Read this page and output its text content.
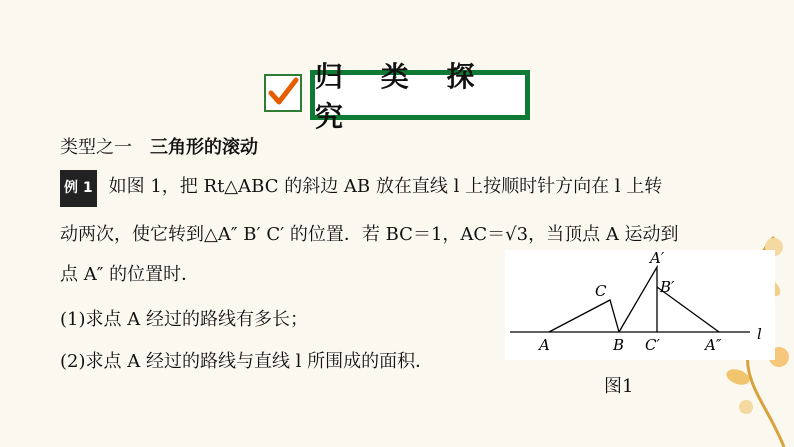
归 类 探 究
类型之一 三角形的滚动
例 1 如图 1，把 Rt△ABC 的斜边 AB 放在直线 l 上按顺时针方向在 l 上转
动两次，使它转到△A″ B′ C′ 的位置．若 BC＝1，AC＝√3，当顶点 A 运动到
点 A″ 的位置时．
(1)求点 A 经过的路线有多长；
(2)求点 A 经过的路线与直线 l 所围成的面积．
A	B
C
A′
B′
C′	A″
l
图1
